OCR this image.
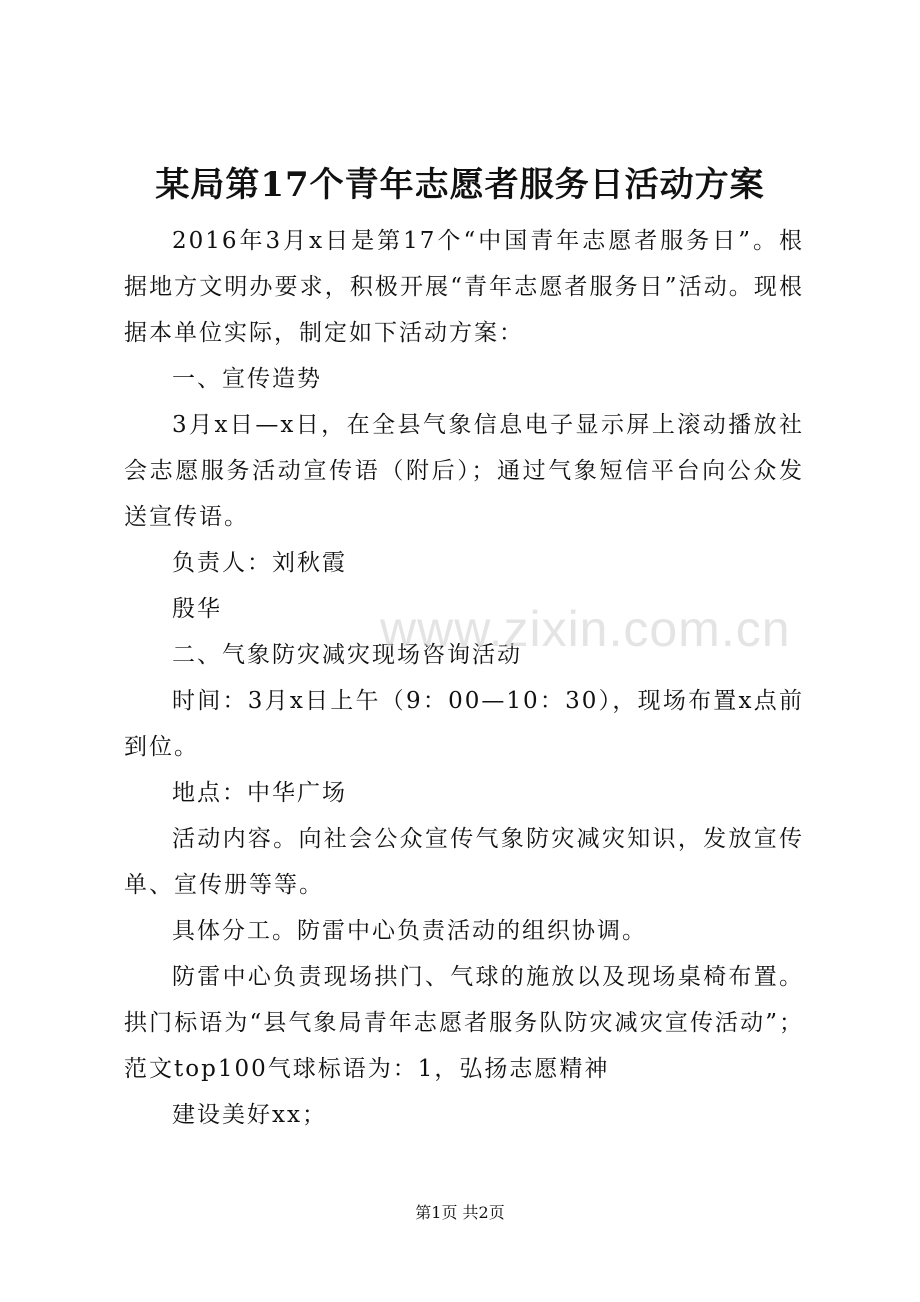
某局第17个青年志愿者服务日活动方案

2016年3月x日是第17个“中国青年志愿者服务日”。根据地方文明办要求，积极开展“青年志愿者服务日”活动。现根据本单位实际，制定如下活动方案：

一、宣传造势

3月x日—x日，在全县气象信息电子显示屏上滚动播放社会志愿服务活动宣传语（附后）；通过气象短信平台向公众发送宣传语。

负责人：刘秋霞

殷华

二、气象防灾减灾现场咨询活动

时间：3月x日上午（9：00—10：30），现场布置x点前到位。

地点：中华广场

活动内容。向社会公众宣传气象防灾减灾知识，发放宣传单、宣传册等等。

具体分工。防雷中心负责活动的组织协调。

防雷中心负责现场拱门、气球的施放以及现场桌椅布置。拱门标语为“县气象局青年志愿者服务队防灾减灾宣传活动”；范文top100气球标语为：1，弘扬志愿精神

建设美好xx；

www.zixin.com.cn
第1页 共2页
